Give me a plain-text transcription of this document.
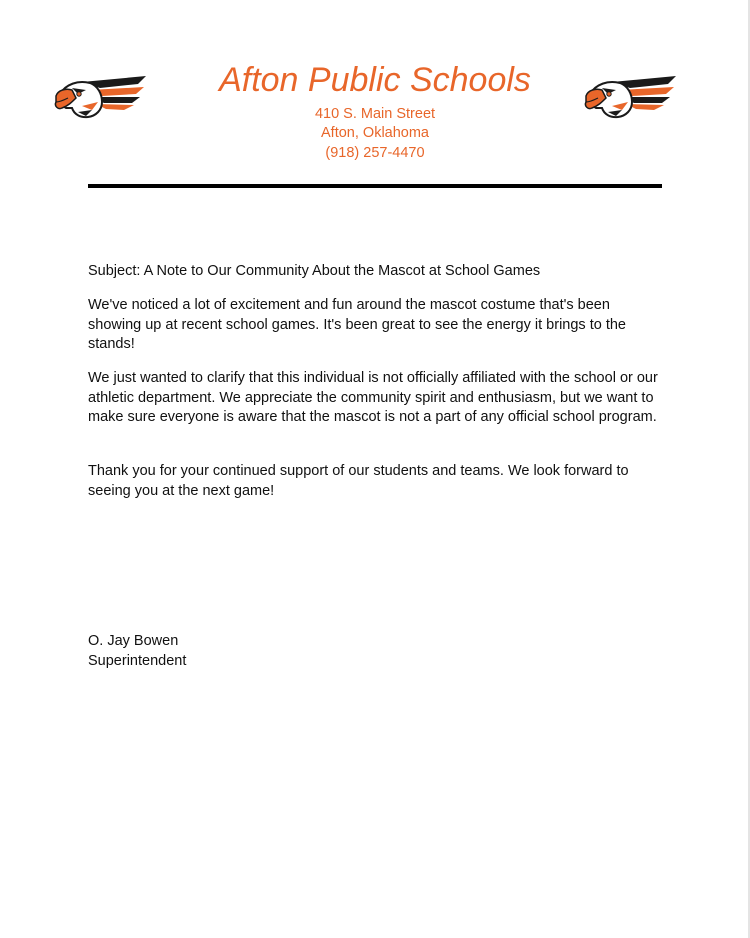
Afton Public Schools
410 S. Main Street
Afton, Oklahoma
(918) 257-4470

Subject: A Note to Our Community About the Mascot at School Games

We've noticed a lot of excitement and fun around the mascot costume that's been showing up at recent school games. It's been great to see the energy it brings to the stands!

We just wanted to clarify that this individual is not officially affiliated with the school or our athletic department. We appreciate the community spirit and enthusiasm, but we want to make sure everyone is aware that the mascot is not a part of any official school program.

Thank you for your continued support of our students and teams. We look forward to seeing you at the next game!

O. Jay Bowen

Superintendent
